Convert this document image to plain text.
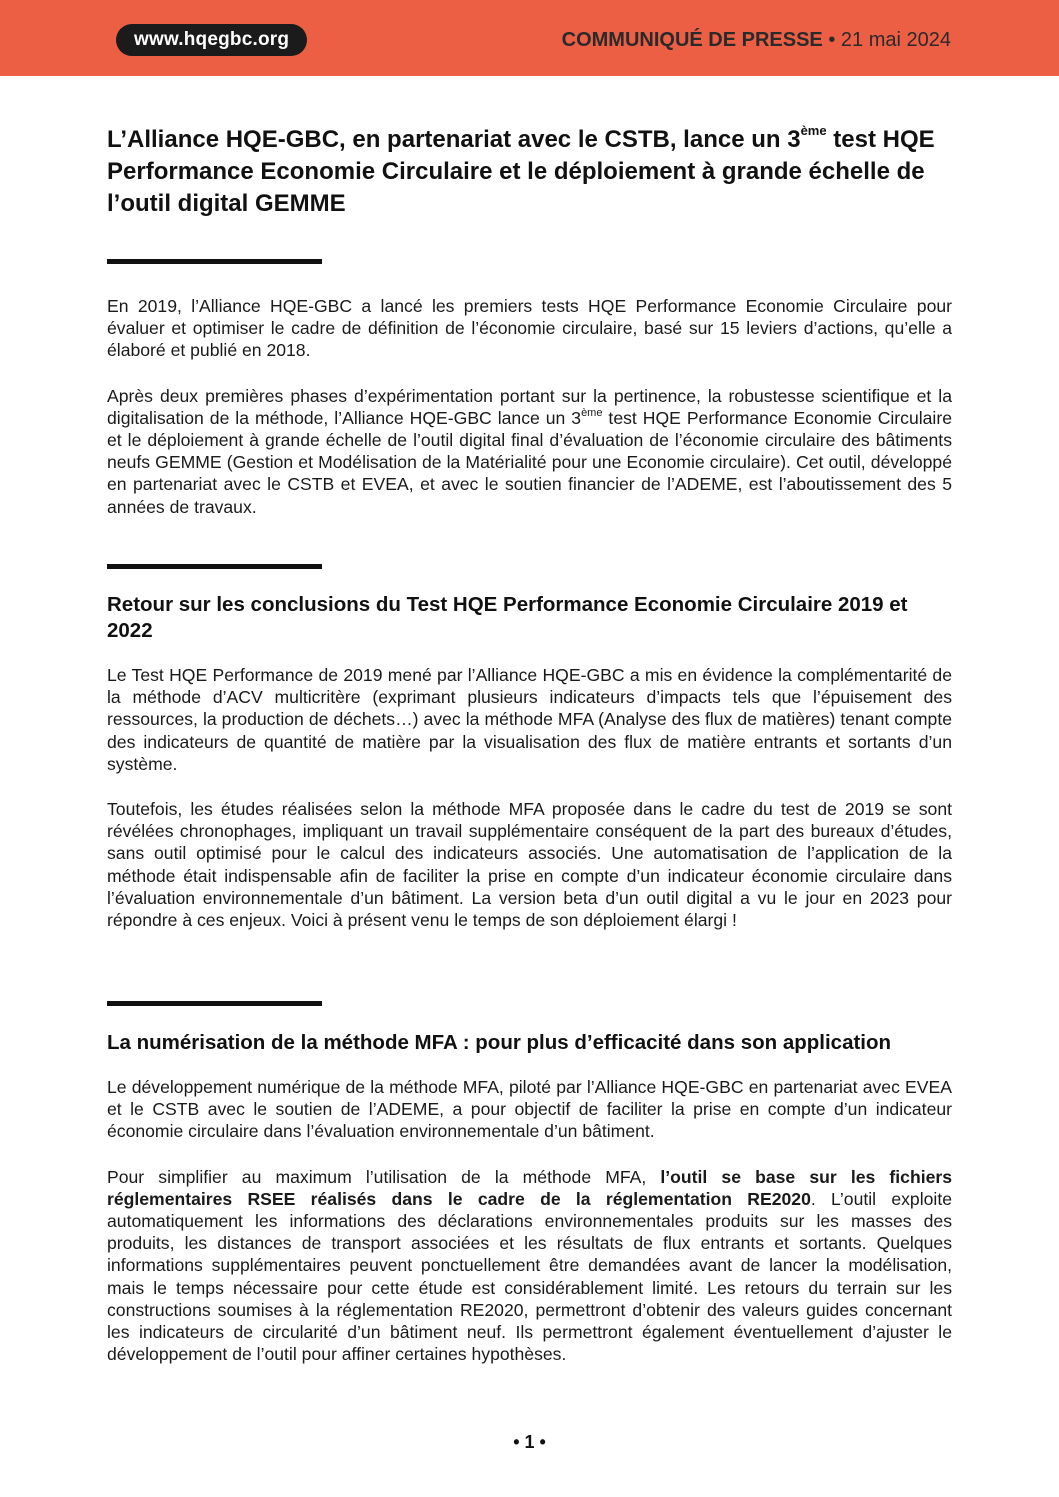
www.hqegbc.org	COMMUNIQUÉ DE PRESSE • 21 mai 2024
L’Alliance HQE-GBC, en partenariat avec le CSTB, lance un 3ème test HQE Performance Economie Circulaire et le déploiement à grande échelle de l’outil digital GEMME

En 2019, l’Alliance HQE-GBC a lancé les premiers tests HQE Performance Economie Circulaire pour évaluer et optimiser le cadre de définition de l’économie circulaire, basé sur 15 leviers d’actions, qu’elle a élaboré et publié en 2018.

Après deux premières phases d’expérimentation portant sur la pertinence, la robustesse scientifique et la digitalisation de la méthode, l’Alliance HQE-GBC lance un 3ème test HQE Performance Economie Circulaire et le déploiement à grande échelle de l’outil digital final d’évaluation de l’économie circulaire des bâtiments neufs GEMME (Gestion et Modélisation de la Matérialité pour une Economie circulaire). Cet outil, développé en partenariat avec le CSTB et EVEA, et avec le soutien financier de l’ADEME, est l’aboutissement des 5 années de travaux.

Retour sur les conclusions du Test HQE Performance Economie Circulaire 2019 et 2022

Le Test HQE Performance de 2019 mené par l’Alliance HQE-GBC a mis en évidence la complémentarité de la méthode d’ACV multicritère (exprimant plusieurs indicateurs d’impacts tels que l’épuisement des ressources, la production de déchets…) avec la méthode MFA (Analyse des flux de matières) tenant compte des indicateurs de quantité de matière par la visualisation des flux de matière entrants et sortants d’un système.

Toutefois, les études réalisées selon la méthode MFA proposée dans le cadre du test de 2019 se sont révélées chronophages, impliquant un travail supplémentaire conséquent de la part des bureaux d’études, sans outil optimisé pour le calcul des indicateurs associés. Une automatisation de l’application de la méthode était indispensable afin de faciliter la prise en compte d’un indicateur économie circulaire dans l’évaluation environnementale d’un bâtiment. La version beta d’un outil digital a vu le jour en 2023 pour répondre à ces enjeux. Voici à présent venu le temps de son déploiement élargi !

La numérisation de la méthode MFA : pour plus d’efficacité dans son application

Le développement numérique de la méthode MFA, piloté par l’Alliance HQE-GBC en partenariat avec EVEA et le CSTB avec le soutien de l’ADEME, a pour objectif de faciliter la prise en compte d’un indicateur économie circulaire dans l’évaluation environnementale d’un bâtiment.

Pour simplifier au maximum l’utilisation de la méthode MFA, l’outil se base sur les fichiers réglementaires RSEE réalisés dans le cadre de la réglementation RE2020. L’outil exploite automatiquement les informations des déclarations environnementales produits sur les masses des produits, les distances de transport associées et les résultats de flux entrants et sortants. Quelques informations supplémentaires peuvent ponctuellement être demandées avant de lancer la modélisation, mais le temps nécessaire pour cette étude est considérablement limité. Les retours du terrain sur les constructions soumises à la réglementation RE2020, permettront d’obtenir des valeurs guides concernant les indicateurs de circularité d’un bâtiment neuf. Ils permettront également éventuellement d’ajuster le développement de l’outil pour affiner certaines hypothèses.

• 1 •
